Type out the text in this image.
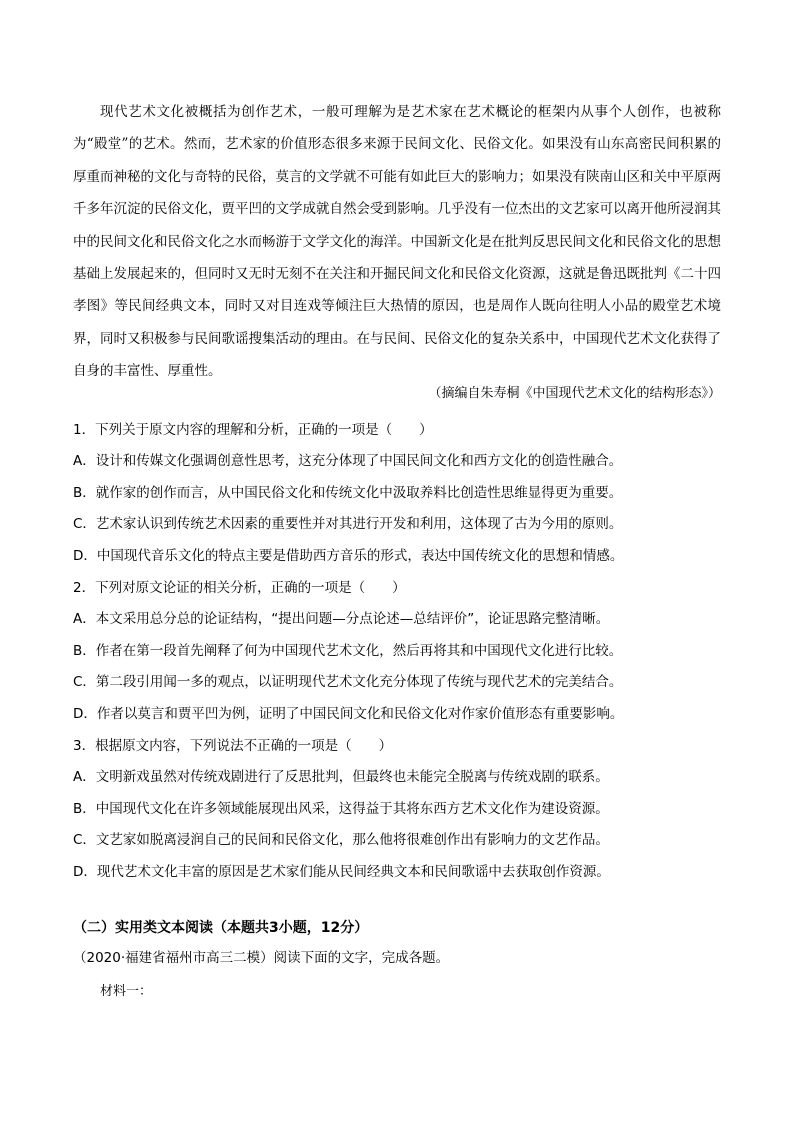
现代艺术文化被概括为创作艺术，一般可理解为是艺术家在艺术概论的框架内从事个人创作，也被称为“殿堂”的艺术。然而，艺术家的价值形态很多来源于民间文化、民俗文化。如果没有山东高密民间积累的厚重而神秘的文化与奇特的民俗，莫言的文学就不可能有如此巨大的影响力；如果没有陕南山区和关中平原两千多年沉淀的民俗文化，贾平凹的文学成就自然会受到影响。几乎没有一位杰出的文艺家可以离开他所浸润其中的民间文化和民俗文化之水而畅游于文学文化的海洋。中国新文化是在批判反思民间文化和民俗文化的思想基础上发展起来的，但同时又无时无刻不在关注和开掘民间文化和民俗文化资源，这就是鲁迅既批判《二十四孝图》等民间经典文本，同时又对目连戏等倾注巨大热情的原因，也是周作人既向往明人小品的殿堂艺术境界，同时又积极参与民间歌谣搜集活动的理由。在与民间、民俗文化的复杂关系中，中国现代艺术文化获得了自身的丰富性、厚重性。

（摘编自朱寿桐《中国现代艺术文化的结构形态》）
1．下列关于原文内容的理解和分析，正确的一项是（　　）
A．设计和传媒文化强调创意性思考，这充分体现了中国民间文化和西方文化的创造性融合。
B．就作家的创作而言，从中国民俗文化和传统文化中汲取养料比创造性思维显得更为重要。
C．艺术家认识到传统艺术因素的重要性并对其进行开发和利用，这体现了古为今用的原则。
D．中国现代音乐文化的特点主要是借助西方音乐的形式，表达中国传统文化的思想和情感。
2．下列对原文论证的相关分析，正确的一项是（　　）
A．本文采用总分总的论证结构，“提出问题—分点论述—总结评价”，论证思路完整清晰。
B．作者在第一段首先阐释了何为中国现代艺术文化，然后再将其和中国现代文化进行比较。
C．第二段引用闻一多的观点，以证明现代艺术文化充分体现了传统与现代艺术的完美结合。
D．作者以莫言和贾平凹为例，证明了中国民间文化和民俗文化对作家价值形态有重要影响。
3．根据原文内容，下列说法不正确的一项是（　　）
A．文明新戏虽然对传统戏剧进行了反思批判，但最终也未能完全脱离与传统戏剧的联系。
B．中国现代文化在许多领域能展现出风采，这得益于其将东西方艺术文化作为建设资源。
C．文艺家如脱离浸润自己的民间和民俗文化，那么他将很难创作出有影响力的文艺作品。
D．现代艺术文化丰富的原因是艺术家们能从民间经典文本和民间歌谣中去获取创作资源。
（二）实用类文本阅读（本题共3小题，12分）
（2020·福建省福州市高三二模）阅读下面的文字，完成各题。
材料一：
